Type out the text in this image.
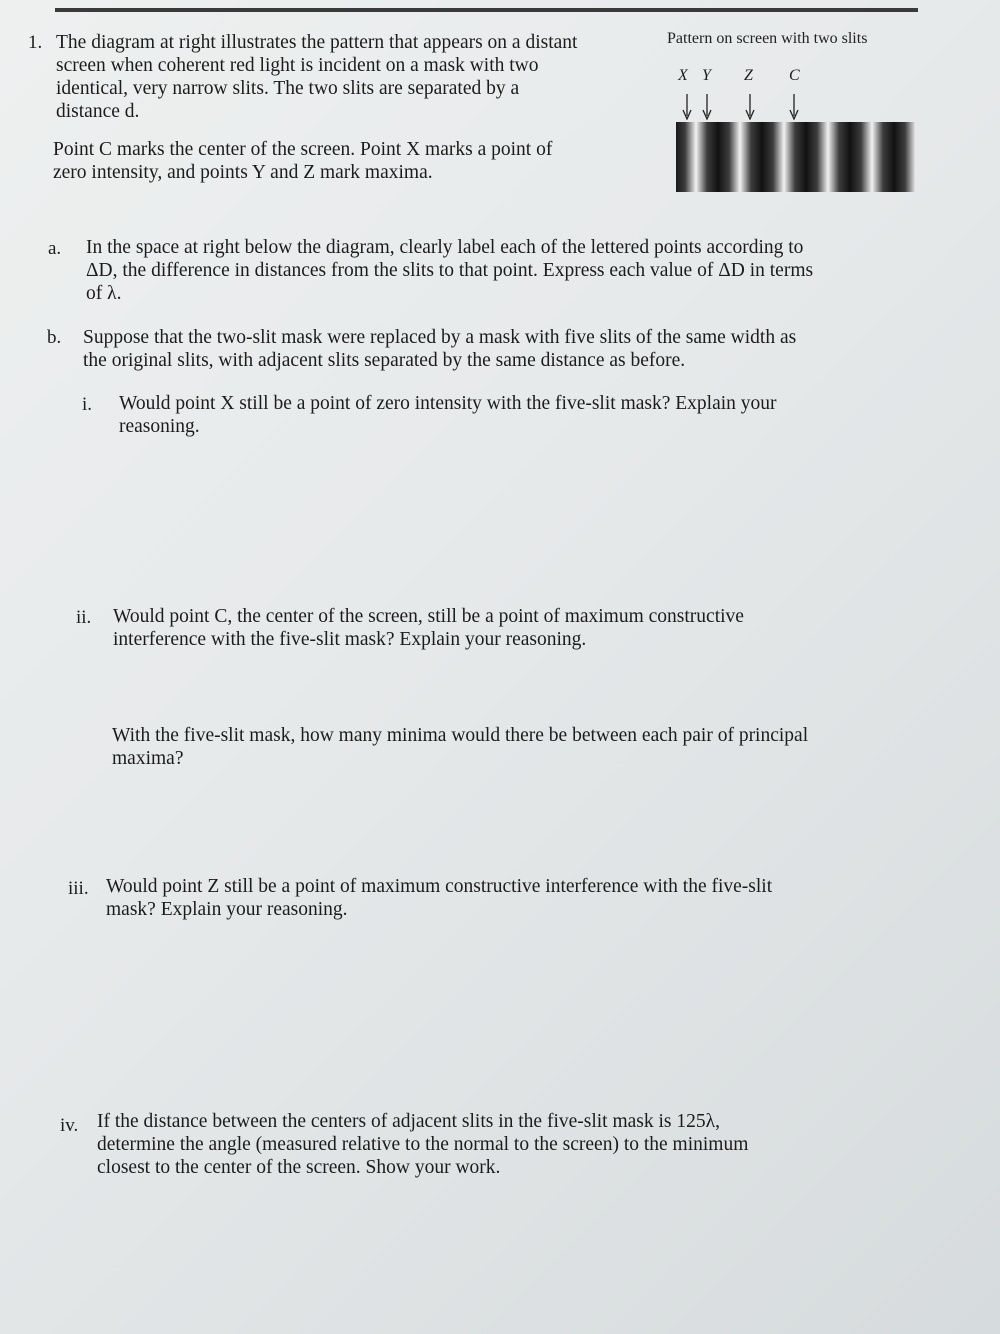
1. The diagram at right illustrates the pattern that appears on a distant
screen when coherent red light is incident on a mask with two
identical, very narrow slits. The two slits are separated by a
distance d.
Point C marks the center of the screen. Point X marks a point of
zero intensity, and points Y and Z mark maxima.
Pattern on screen with two slits
X Y Z C
a. In the space at right below the diagram, clearly label each of the lettered points according to
ΔD, the difference in distances from the slits to that point. Express each value of ΔD in terms
of λ.
b. Suppose that the two-slit mask were replaced by a mask with five slits of the same width as
the original slits, with adjacent slits separated by the same distance as before.
i. Would point X still be a point of zero intensity with the five-slit mask? Explain your
reasoning.
ii. Would point C, the center of the screen, still be a point of maximum constructive
interference with the five-slit mask? Explain your reasoning.
With the five-slit mask, how many minima would there be between each pair of principal
maxima?
iii. Would point Z still be a point of maximum constructive interference with the five-slit
mask? Explain your reasoning.
iv. If the distance between the centers of adjacent slits in the five-slit mask is 125λ,
determine the angle (measured relative to the normal to the screen) to the minimum
closest to the center of the screen. Show your work.
